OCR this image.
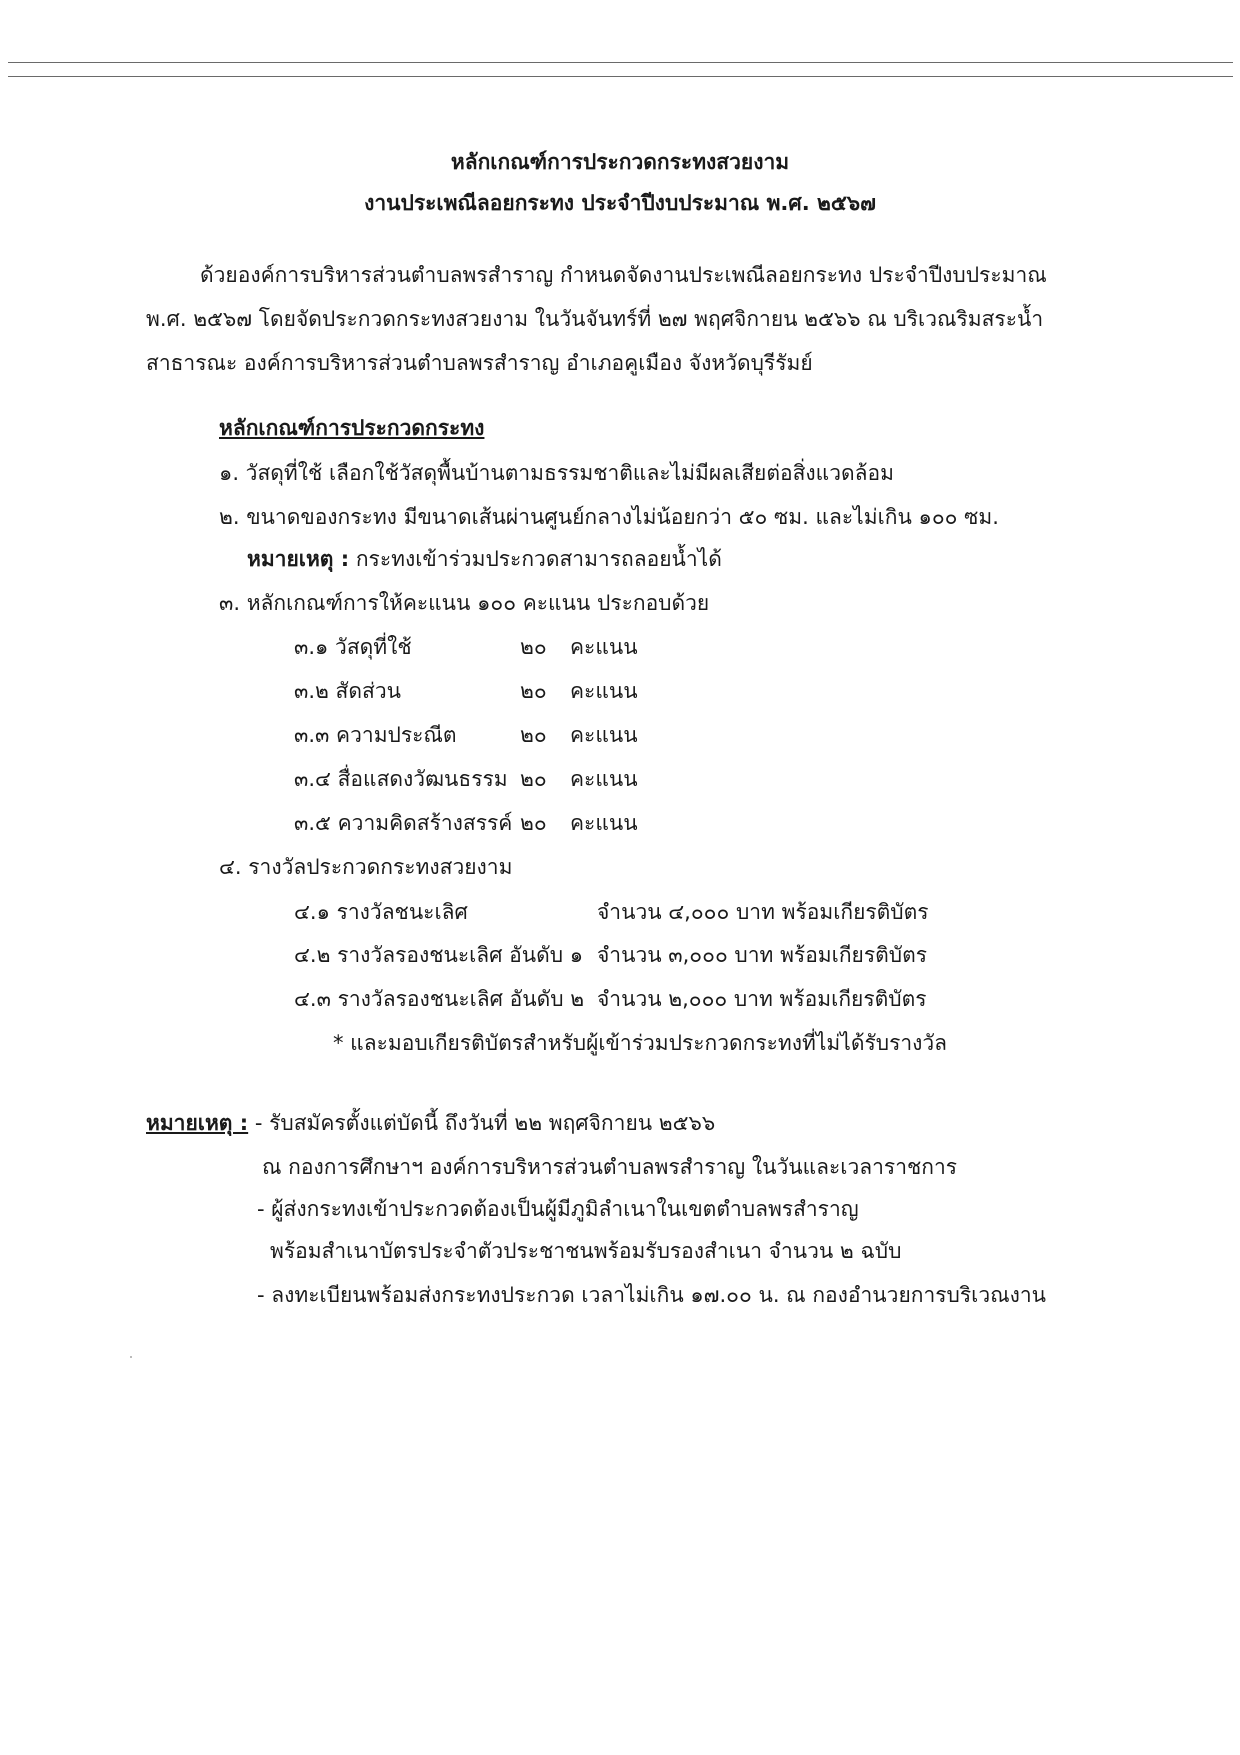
หลักเกณฑ์การประกวดกระทงสวยงาม
งานประเพณีลอยกระทง ประจำปีงบประมาณ พ.ศ. ๒๕๖๗
ด้วยองค์การบริหารส่วนตำบลพรสำราญ กำหนดจัดงานประเพณีลอยกระทง ประจำปีงบประมาณ
พ.ศ. ๒๕๖๗ โดยจัดประกวดกระทงสวยงาม ในวันจันทร์ที่ ๒๗ พฤศจิกายน ๒๕๖๖ ณ บริเวณริมสระน้ำ
สาธารณะ องค์การบริหารส่วนตำบลพรสำราญ อำเภอคูเมือง จังหวัดบุรีรัมย์
หลักเกณฑ์การประกวดกระทง
๑. วัสดุที่ใช้ เลือกใช้วัสดุพื้นบ้านตามธรรมชาติและไม่มีผลเสียต่อสิ่งแวดล้อม
๒. ขนาดของกระทง มีขนาดเส้นผ่านศูนย์กลางไม่น้อยกว่า ๕๐ ซม. และไม่เกิน ๑๐๐ ซม.
หมายเหตุ : กระทงเข้าร่วมประกวดสามารถลอยน้ำได้
๓. หลักเกณฑ์การให้คะแนน ๑๐๐ คะแนน ประกอบด้วย
๓.๑ วัสดุที่ใช้	๒๐ คะแนน
๓.๒ สัดส่วน	๒๐ คะแนน
๓.๓ ความประณีต	๒๐ คะแนน
๓.๔ สื่อแสดงวัฒนธรรม ๒๐ คะแนน
๓.๕ ความคิดสร้างสรรค์ ๒๐ คะแนน
๔. รางวัลประกวดกระทงสวยงาม
๔.๑ รางวัลชนะเลิศ	จำนวน ๔,๐๐๐ บาท พร้อมเกียรติบัตร
๔.๒ รางวัลรองชนะเลิศ อันดับ ๑ จำนวน ๓,๐๐๐ บาท พร้อมเกียรติบัตร
๔.๓ รางวัลรองชนะเลิศ อันดับ ๒ จำนวน ๒,๐๐๐ บาท พร้อมเกียรติบัตร
* และมอบเกียรติบัตรสำหรับผู้เข้าร่วมประกวดกระทงที่ไม่ได้รับรางวัล
หมายเหตุ : - รับสมัครตั้งแต่บัดนี้ ถึงวันที่ ๒๒ พฤศจิกายน ๒๕๖๖
ณ กองการศึกษาฯ องค์การบริหารส่วนตำบลพรสำราญ ในวันและเวลาราชการ
- ผู้ส่งกระทงเข้าประกวดต้องเป็นผู้มีภูมิลำเนาในเขตตำบลพรสำราญ
พร้อมสำเนาบัตรประจำตัวประชาชนพร้อมรับรองสำเนา จำนวน ๒ ฉบับ
- ลงทะเบียนพร้อมส่งกระทงประกวด เวลาไม่เกิน ๑๗.๐๐ น. ณ กองอำนวยการบริเวณงาน
